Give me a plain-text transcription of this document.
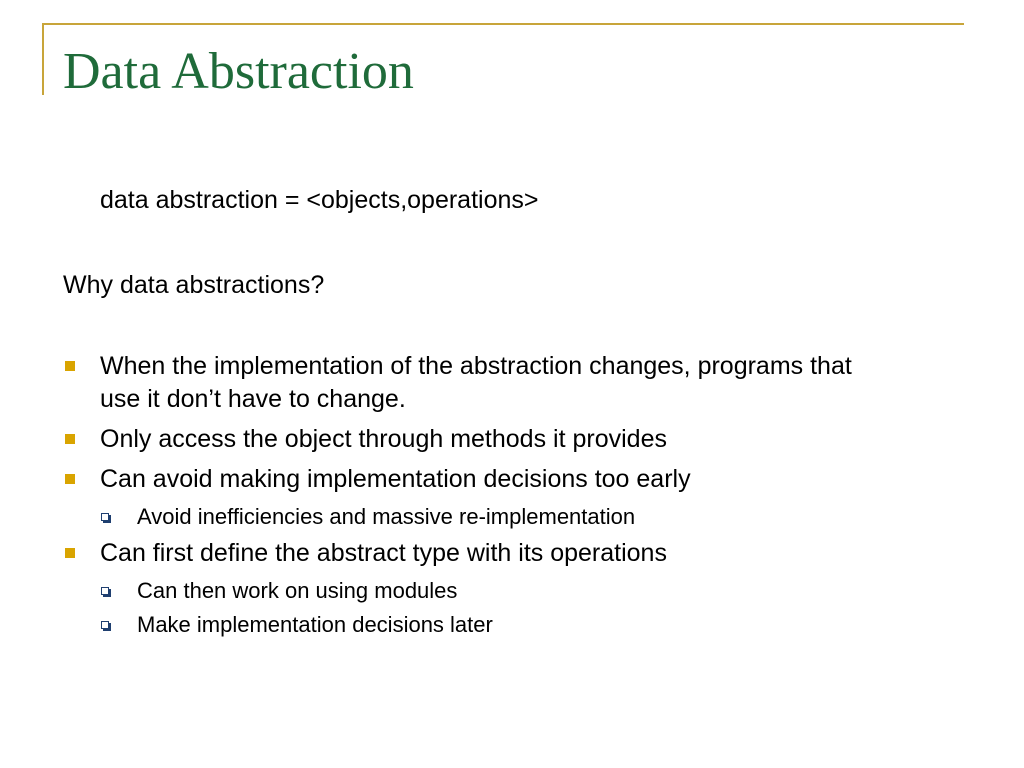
Data Abstraction
data abstraction = <objects,operations>
Why data abstractions?
When the implementation of the abstraction changes, programs that use it don’t have to change.
Only access the object through methods it provides
Can avoid making implementation decisions too early
Avoid inefficiencies and massive re-implementation
Can first define the abstract type with its operations
Can then work on using modules
Make implementation decisions later
